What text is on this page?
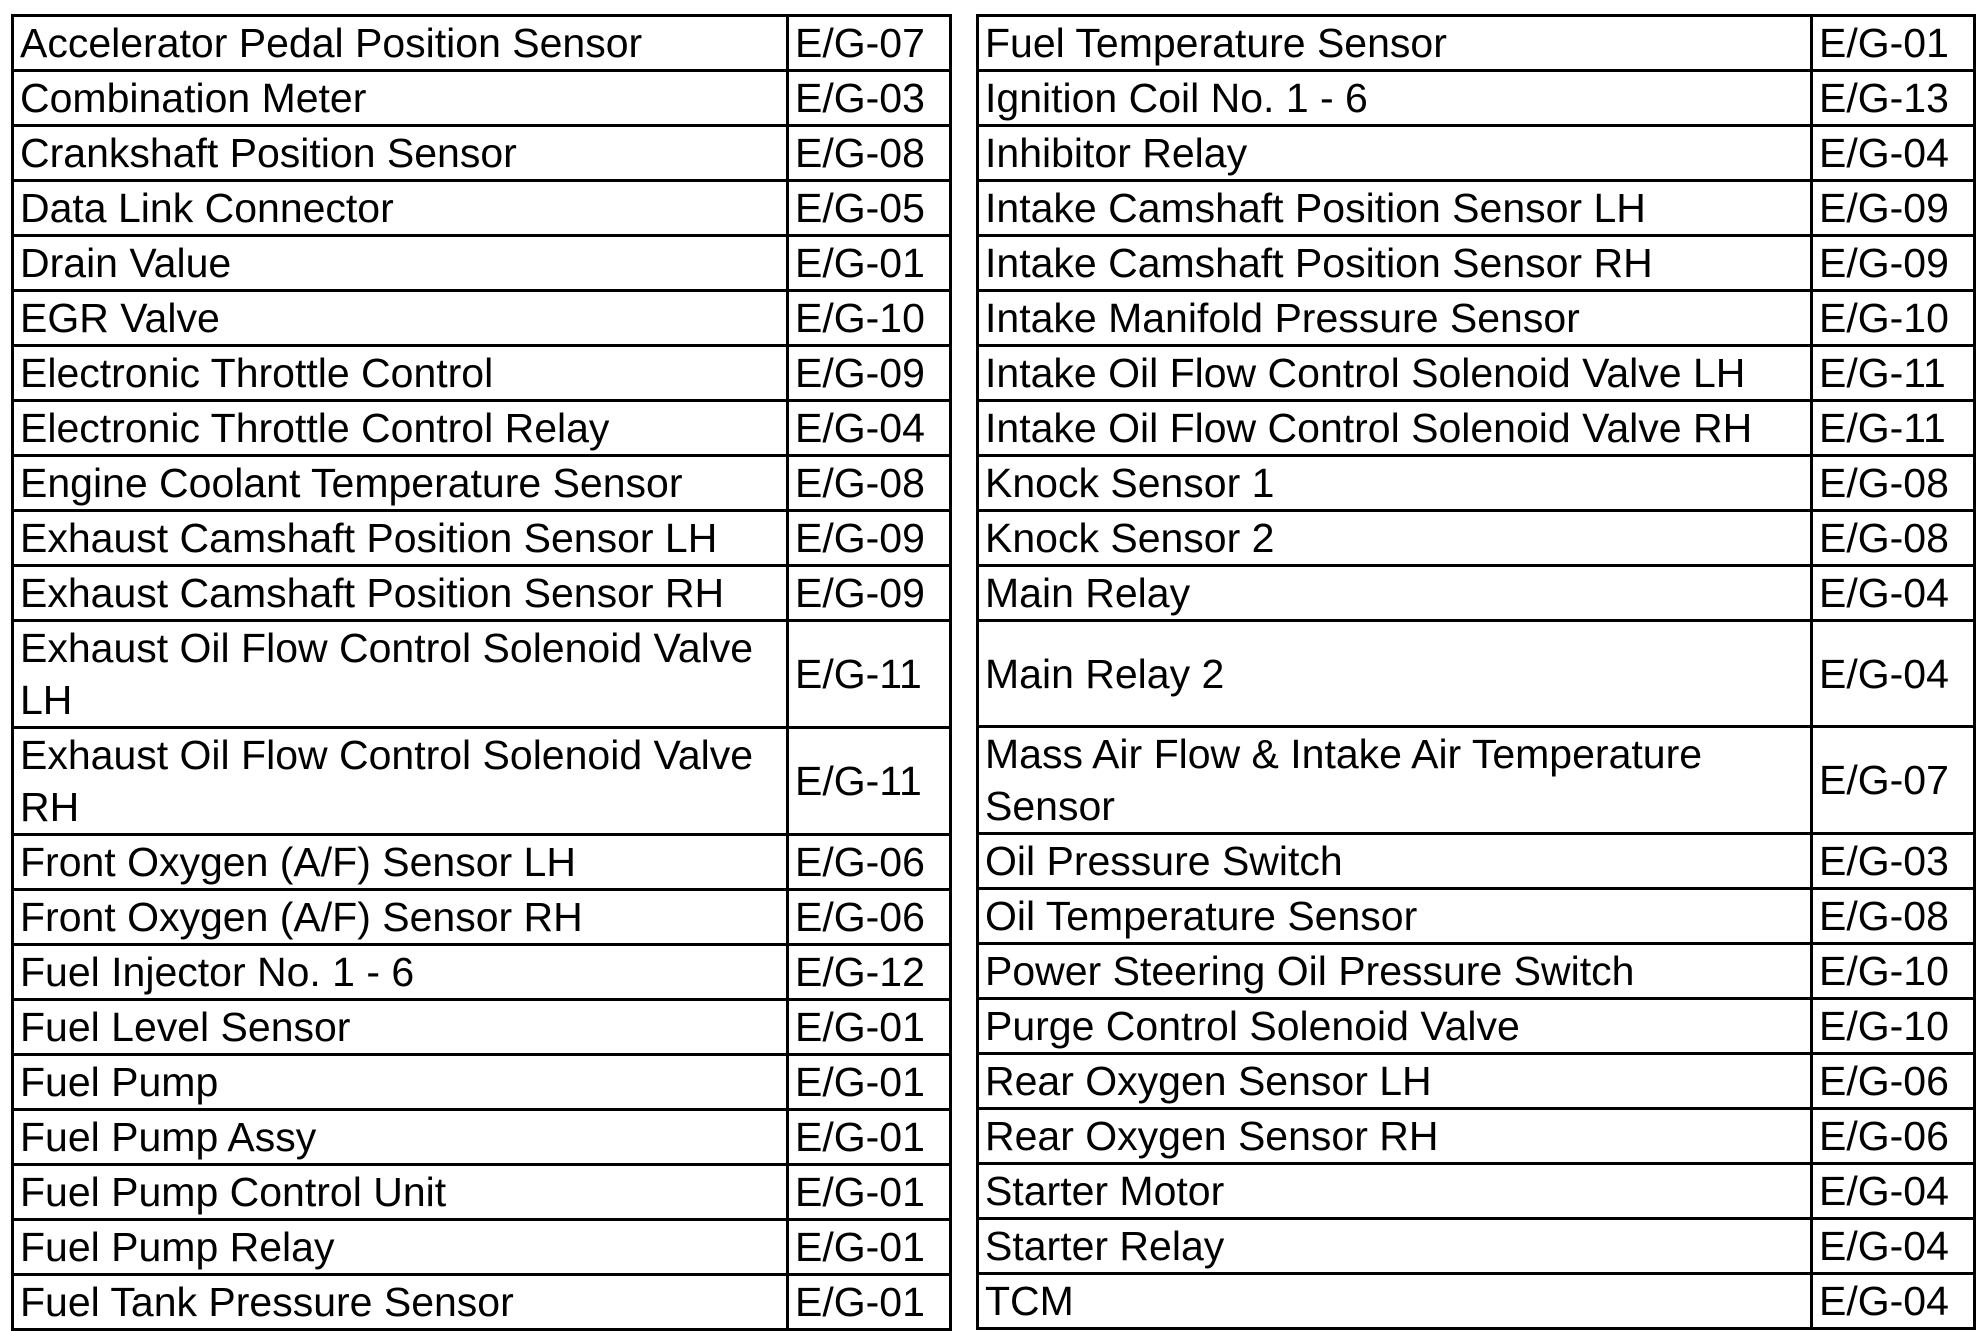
Accelerator Pedal Position Sensor	E/G-07
Combination Meter	E/G-03
Crankshaft Position Sensor	E/G-08
Data Link Connector	E/G-05
Drain Value	E/G-01
EGR Valve	E/G-10
Electronic Throttle Control	E/G-09
Electronic Throttle Control Relay	E/G-04
Engine Coolant Temperature Sensor	E/G-08
Exhaust Camshaft Position Sensor LH	E/G-09
Exhaust Camshaft Position Sensor RH	E/G-09
Exhaust Oil Flow Control Solenoid Valve LH	E/G-11
Exhaust Oil Flow Control Solenoid Valve RH	E/G-11
Front Oxygen (A/F) Sensor LH	E/G-06
Front Oxygen (A/F) Sensor RH	E/G-06
Fuel Injector No. 1 - 6	E/G-12
Fuel Level Sensor	E/G-01
Fuel Pump	E/G-01
Fuel Pump Assy	E/G-01
Fuel Pump Control Unit	E/G-01
Fuel Pump Relay	E/G-01
Fuel Tank Pressure Sensor	E/G-01
Fuel Temperature Sensor	E/G-01
Ignition Coil No. 1 - 6	E/G-13
Inhibitor Relay	E/G-04
Intake Camshaft Position Sensor LH	E/G-09
Intake Camshaft Position Sensor RH	E/G-09
Intake Manifold Pressure Sensor	E/G-10
Intake Oil Flow Control Solenoid Valve LH	E/G-11
Intake Oil Flow Control Solenoid Valve RH	E/G-11
Knock Sensor 1	E/G-08
Knock Sensor 2	E/G-08
Main Relay	E/G-04
Main Relay 2	E/G-04
Mass Air Flow & Intake Air Temperature Sensor	E/G-07
Oil Pressure Switch	E/G-03
Oil Temperature Sensor	E/G-08
Power Steering Oil Pressure Switch	E/G-10
Purge Control Solenoid Valve	E/G-10
Rear Oxygen Sensor LH	E/G-06
Rear Oxygen Sensor RH	E/G-06
Starter Motor	E/G-04
Starter Relay	E/G-04
TCM	E/G-04
